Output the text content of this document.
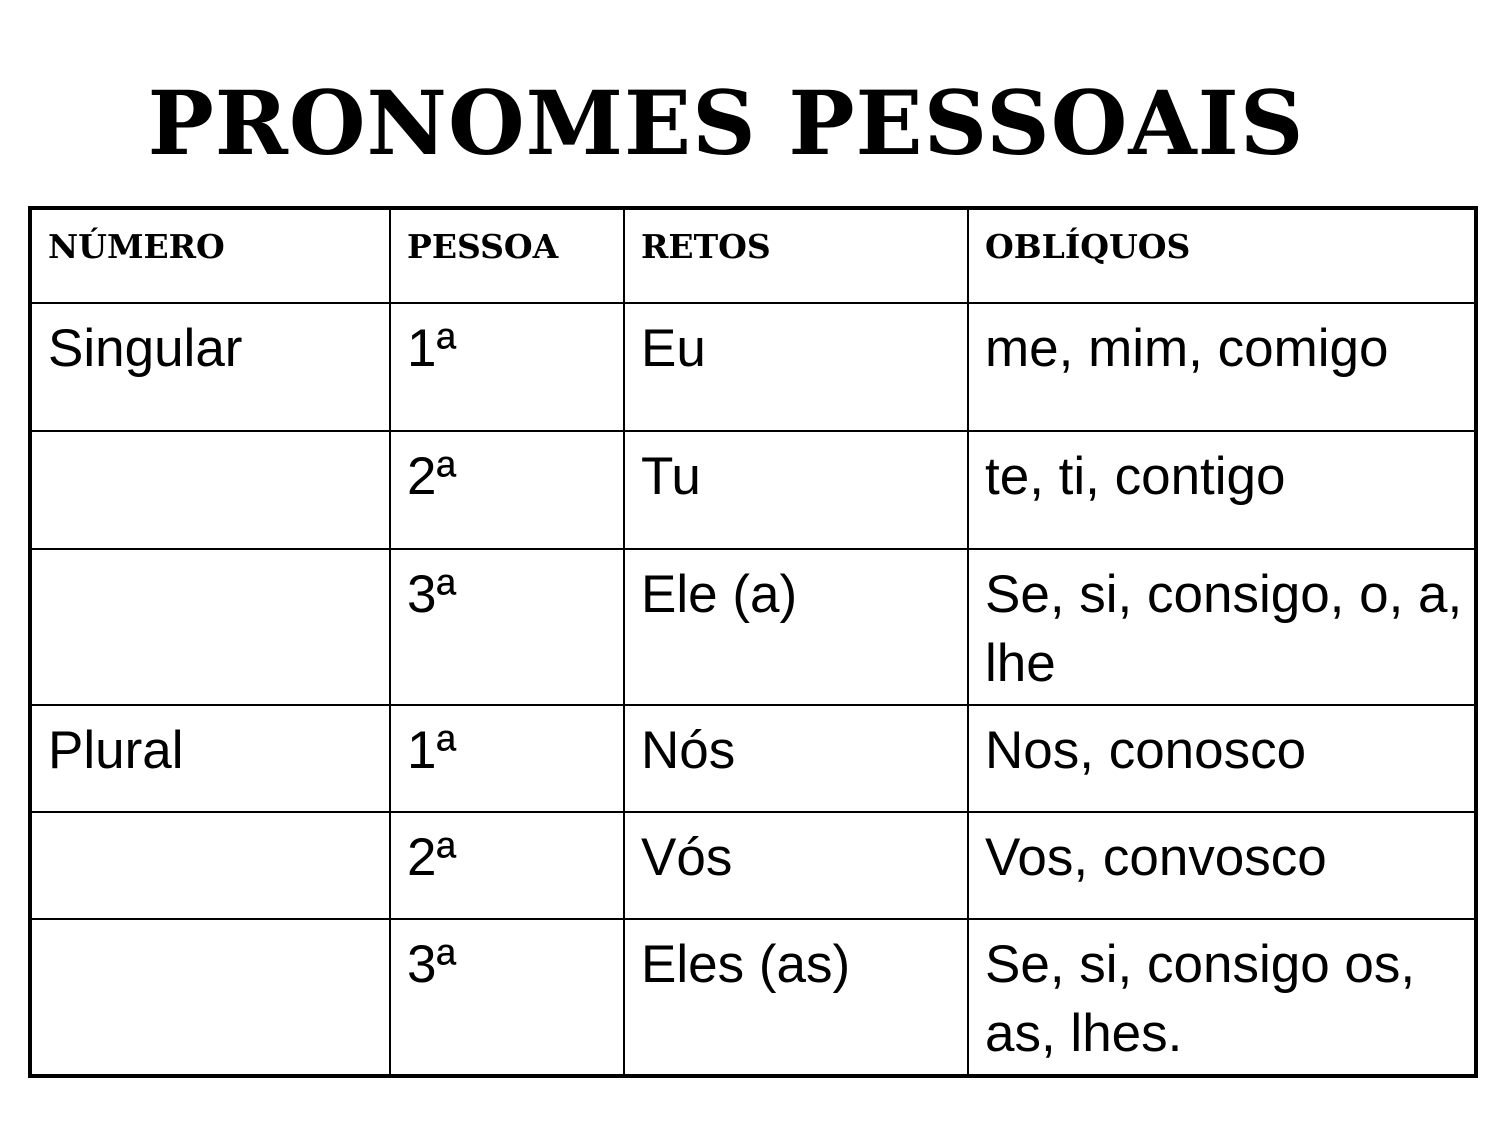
PRONOMES PESSOAIS
NÚMERO	PESSOA	RETOS	OBLÍQUOS
Singular	1ª	Eu	me, mim, comigo
	2ª	Tu	te, ti, contigo
	3ª	Ele (a)	Se, si, consigo, o, a, lhe
Plural	1ª	Nós	Nos, conosco
	2ª	Vós	Vos, convosco
	3ª	Eles (as)	Se, si, consigo os, as, lhes.
